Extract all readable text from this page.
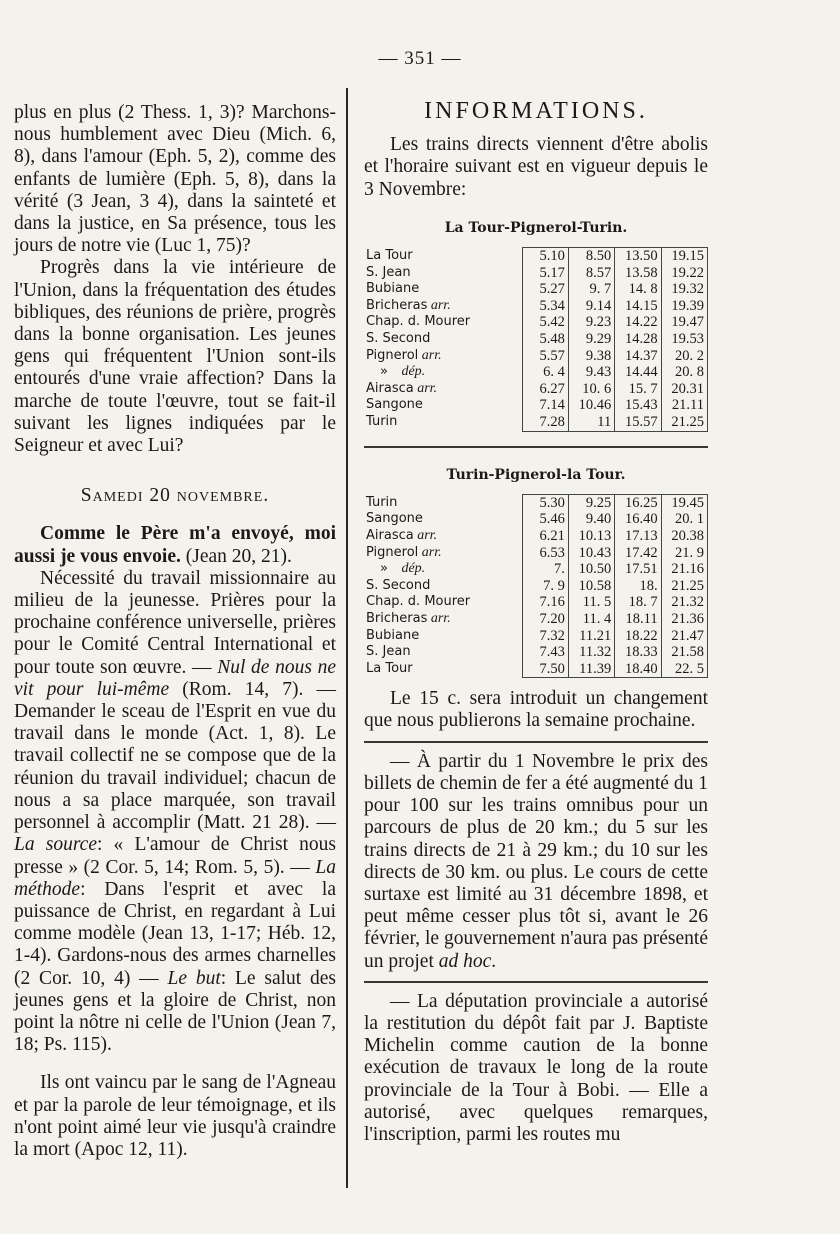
— 351 —

plus en plus (2 Thess. 1, 3)? Marchons-nous humblement avec Dieu (Mich. 6, 8), dans l'amour (Eph. 5, 2), comme des enfants de lumière (Eph. 5, 8), dans la vérité (3 Jean, 3 4), dans la sainteté et dans la justice, en Sa présence, tous les jours de notre vie (Luc 1, 75)?

Progrès dans la vie intérieure de l'Union, dans la fréquentation des études bibliques, des réunions de prière, progrès dans la bonne organisation. Les jeunes gens qui fréquentent l'Union sont-ils entourés d'une vraie affection? Dans la marche de toute l'œuvre, tout se fait-il suivant les lignes indiquées par le Seigneur et avec Lui?

Samedi 20 novembre.

Comme le Père m'a envoyé, moi aussi je vous envoie. (Jean 20, 21).

Nécessité du travail missionnaire au milieu de la jeunesse. Prières pour la prochaine conférence universelle, prières pour le Comité Central International et pour toute son œuvre. — Nul de nous ne vit pour lui-même (Rom. 14, 7). — Demander le sceau de l'Esprit en vue du travail dans le monde (Act. 1, 8). Le travail collectif ne se compose que de la réunion du travail individuel; chacun de nous a sa place marquée, son travail personnel à accomplir (Matt. 21 28). — La source: « L'amour de Christ nous presse » (2 Cor. 5, 14; Rom. 5, 5). — La méthode: Dans l'esprit et avec la puissance de Christ, en regardant à Lui comme modèle (Jean 13, 1-17; Héb. 12, 1-4). Gardons-nous des armes charnelles (2 Cor. 10, 4) — Le but: Le salut des jeunes gens et la gloire de Christ, non point la nôtre ni celle de l'Union (Jean 7, 18; Ps. 115).

Ils ont vaincu par le sang de l'Agneau et par la parole de leur témoignage, et ils n'ont point aimé leur vie jusqu'à craindre la mort (Apoc 12, 11).

INFORMATIONS.

Les trains directs viennent d'être abolis et l'horaire suivant est en vigueur depuis le 3 Novembre:

La Tour-Pignerol-Turin.

La Tour	5.10	8.50	13.50	19.15
S. Jean	5.17	8.57	13.58	19.22
Bubiane	5.27	9. 7	14. 8	19.32
Bricheras arr.	5.34	9.14	14.15	19.39
Chap. d. Mourer	5.42	9.23	14.22	19.47
S. Second	5.48	9.29	14.28	19.53
Pignerol arr.	5.57	9.38	14.37	20. 2
» dép.	6. 4	9.43	14.44	20. 8
Airasca arr.	6.27	10. 6	15. 7	20.31
Sangone	7.14	10.46	15.43	21.11
Turin	7.28	11	15.57	21.25

Turin-Pignerol-la Tour.

Turin	5.30	9.25	16.25	19.45
Sangone	5.46	9.40	16.40	20. 1
Airasca arr.	6.21	10.13	17.13	20.38
Pignerol arr.	6.53	10.43	17.42	21. 9
» dép.	7.	10.50	17.51	21.16
S. Second	7. 9	10.58	18.	21.25
Chap. d. Mourer	7.16	11. 5	18. 7	21.32
Bricheras arr.	7.20	11. 4	18.11	21.36
Bubiane	7.32	11.21	18.22	21.47
S. Jean	7.43	11.32	18.33	21.58
La Tour	7.50	11.39	18.40	22. 5

Le 15 c. sera introduit un changement que nous publierons la semaine prochaine.

— À partir du 1 Novembre le prix des billets de chemin de fer a été augmenté du 1 pour 100 sur les trains omnibus pour un parcours de plus de 20 km.; du 5 sur les trains directs de 21 à 29 km.; du 10 sur les directs de 30 km. ou plus. Le cours de cette surtaxe est limité au 31 décembre 1898, et peut même cesser plus tôt si, avant le 26 février, le gouvernement n'aura pas présenté un projet ad hoc.

— La députation provinciale a autorisé la restitution du dépôt fait par J. Baptiste Michelin comme caution de la bonne exécution de travaux le long de la route provinciale de la Tour à Bobi. — Elle a autorisé, avec quelques remarques, l'inscription, parmi les routes mu
